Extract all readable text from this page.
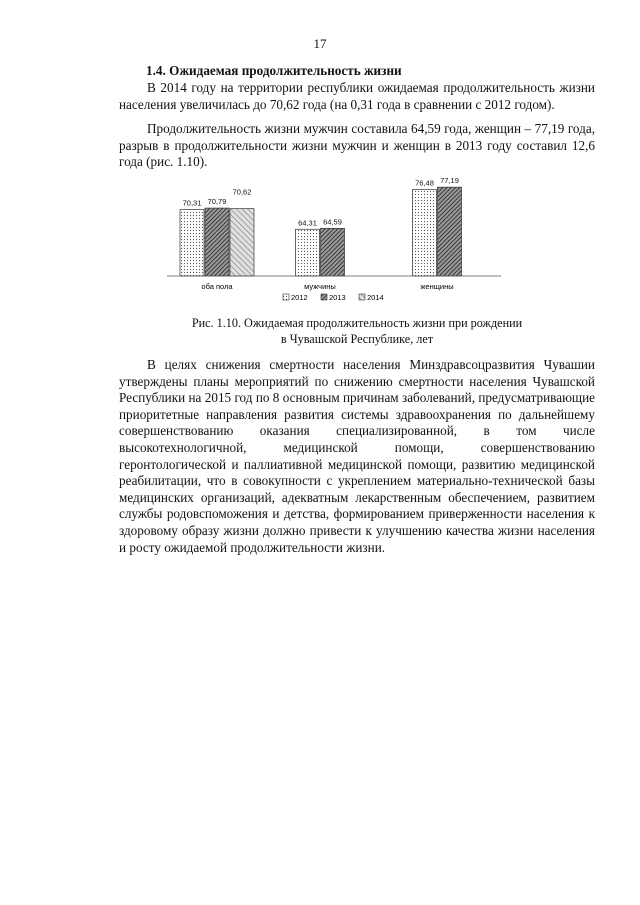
17
1.4. Ожидаемая продолжительность жизни

В 2014 году на территории республики ожидаемая продолжительность жизни населения увеличилась до 70,62 года (на 0,31 года в сравнении с 2012 годом).

Продолжительность жизни мужчин составила 64,59 года, женщин – 77,19 года, разрыв в продолжительности жизни мужчин и женщин в 2013 году составил 12,6 года (рис. 1.10).

70,31 70,79
70,62
64,31 64,59
76,48 77,19
оба пола	мужчины	женщины
2012	2013	2014
Рис. 1.10. Ожидаемая продолжительность жизни при рождении
в Чувашской Республике, лет

В целях снижения смертности населения Минздравсоцразвития Чувашии утверждены планы мероприятий по снижению смертности населения Чувашской Республики на 2015 год по 8 основным причинам заболеваний, предусматривающие приоритетные направления развития системы здравоохранения по дальнейшему совершенствованию оказания специализированной, в том числе высокотехнологичной, медицинской помощи, совершенствованию геронтологической и паллиативной медицинской помощи, развитию медицинской реабилитации, что в совокупности с укреплением материально-технической базы медицинских организаций, адекватным лекарственным обеспечением, развитием службы родовспоможения и детства, формированием приверженности населения к здоровому образу жизни должно привести к улучшению качества жизни населения и росту ожидаемой продолжительности жизни.
